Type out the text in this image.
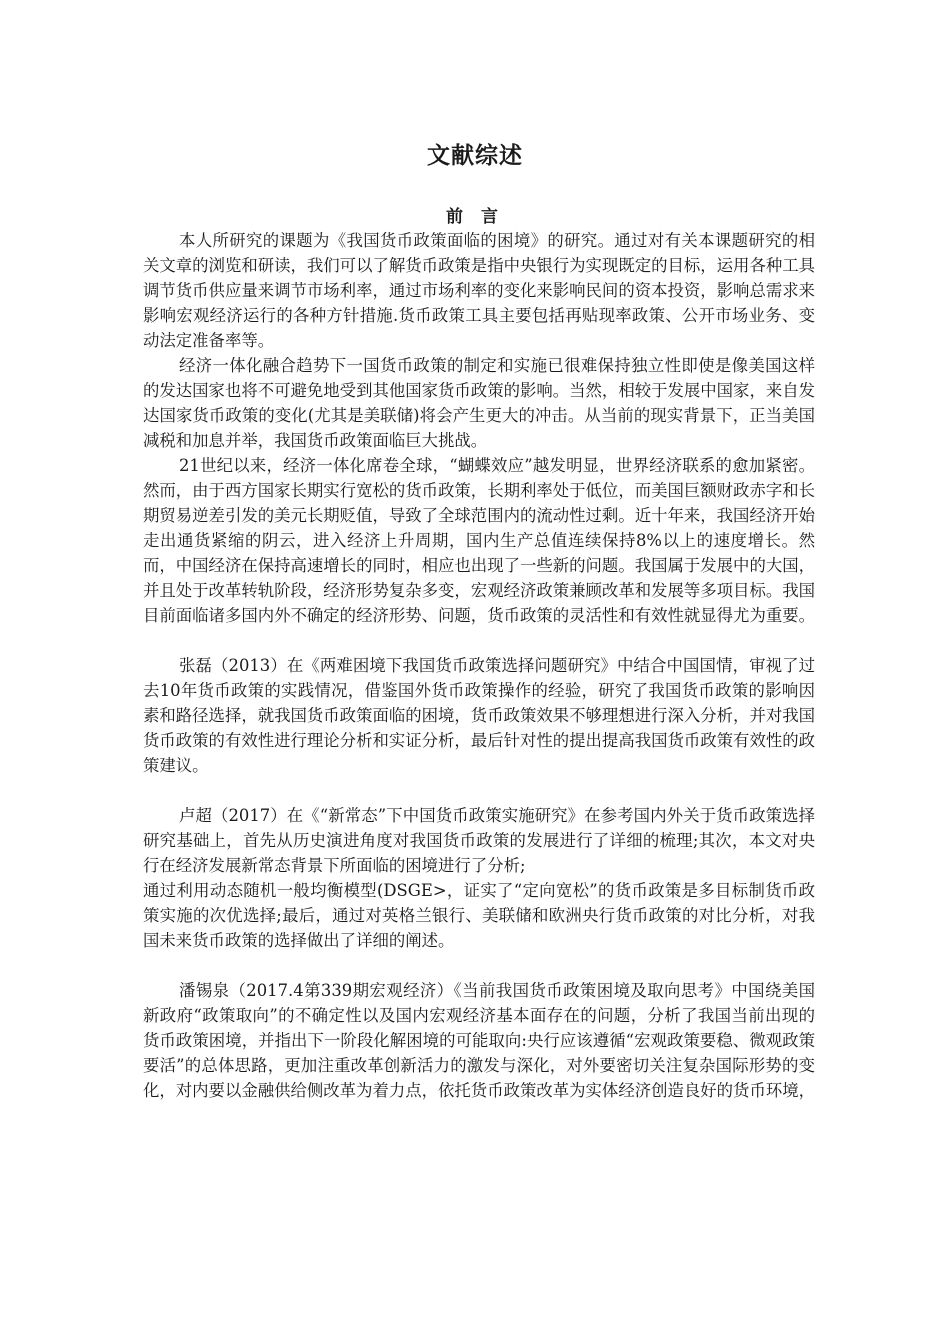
文献综述
前 言

本人所研究的课题为《我国货币政策面临的困境》的研究。通过对有关本课题研究的相关文章的浏览和研读，我们可以了解货币政策是指中央银行为实现既定的目标，运用各种工具调节货币供应量来调节市场利率，通过市场利率的变化来影响民间的资本投资，影响总需求来影响宏观经济运行的各种方针措施.货币政策工具主要包括再贴现率政策、公开市场业务、变动法定准备率等。

经济一体化融合趋势下一国货币政策的制定和实施已很难保持独立性即使是像美国这样的发达国家也将不可避免地受到其他国家货币政策的影响。当然，相较于发展中国家，来自发达国家货币政策的变化(尤其是美联储)将会产生更大的冲击。从当前的现实背景下，正当美国减税和加息并举，我国货币政策面临巨大挑战。

21世纪以来，经济一体化席卷全球，“蝴蝶效应”越发明显，世界经济联系的愈加紧密。然而，由于西方国家长期实行宽松的货币政策，长期利率处于低位，而美国巨额财政赤字和长期贸易逆差引发的美元长期贬值，导致了全球范围内的流动性过剩。近十年来，我国经济开始走出通货紧缩的阴云，进入经济上升周期，国内生产总值连续保持8%以上的速度增长。然而，中国经济在保持高速增长的同时，相应也出现了一些新的问题。我国属于发展中的大国，并且处于改革转轨阶段，经济形势复杂多变，宏观经济政策兼顾改革和发展等多项目标。我国目前面临诸多国内外不确定的经济形势、问题，货币政策的灵活性和有效性就显得尤为重要。

张磊（2013）在《两难困境下我国货币政策选择问题研究》中结合中国国情，审视了过去10年货币政策的实践情况，借鉴国外货币政策操作的经验，研究了我国货币政策的影响因素和路径选择，就我国货币政策面临的困境，货币政策效果不够理想进行深入分析，并对我国货币政策的有效性进行理论分析和实证分析，最后针对性的提出提高我国货币政策有效性的政策建议。

卢超（2017）在《“新常态”下中国货币政策实施研究》在参考国内外关于货币政策选择研究基础上，首先从历史演进角度对我国货币政策的发展进行了详细的梳理;其次，本文对央行在经济发展新常态背景下所面临的困境进行了分析;

通过利用动态随机一般均衡模型(DSGE>，证实了“定向宽松”的货币政策是多目标制货币政策实施的次优选择;最后，通过对英格兰银行、美联储和欧洲央行货币政策的对比分析，对我国未来货币政策的选择做出了详细的阐述。

潘锡泉（2017.4第339期宏观经济）《当前我国货币政策困境及取向思考》中国绕美国新政府“政策取向”的不确定性以及国内宏观经济基本面存在的问题，分析了我国当前出现的货币政策困境，并指出下一阶段化解困境的可能取向:央行应该遵循“宏观政策要稳、微观政策要活”的总体思路，更加注重改革创新活力的激发与深化，对外要密切关注复杂国际形势的变化，对内要以金融供给侧改革为着力点，依托货币政策改革为实体经济创造良好的货币环境，
